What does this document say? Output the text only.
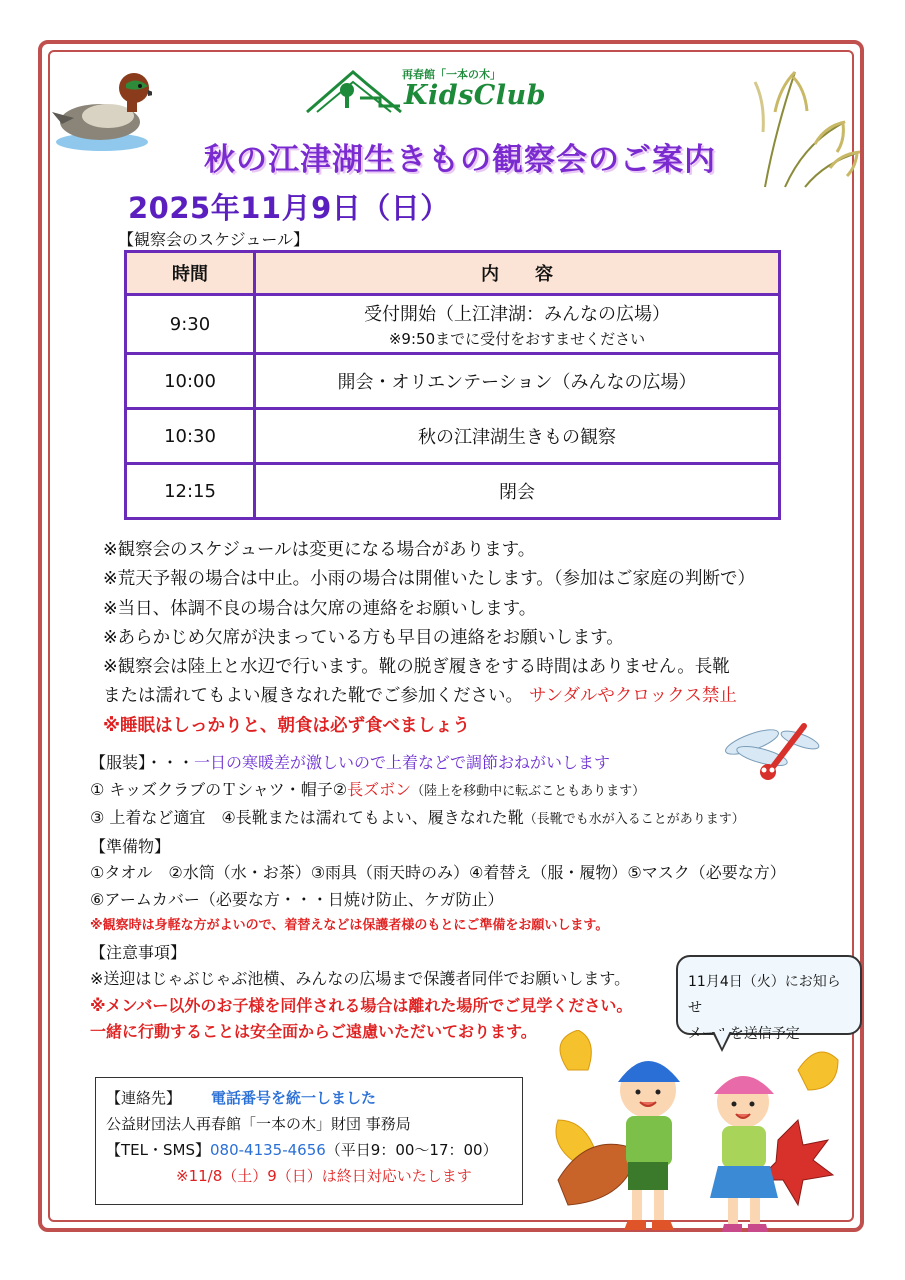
再春館「一本の木」
KidsClub
秋の江津湖生きもの観察会のご案内
2025年11月9日（日）
【観察会のスケジュール】
時間	内　　容
9:30	受付開始（上江津湖：みんなの広場）
※9:50までに受付をおすませください

10:00	開会・オリエンテーション（みんなの広場）
10:30	秋の江津湖生きもの観察
12:15	閉会
※観察会のスケジュールは変更になる場合があります。
※荒天予報の場合は中止。小雨の場合は開催いたします。（参加はご家庭の判断で）
※当日、体調不良の場合は欠席の連絡をお願いします。
※あらかじめ欠席が決まっている方も早目の連絡をお願いします。
※観察会は陸上と水辺で行います。靴の脱ぎ履きをする時間はありません。長靴
または濡れてもよい履きなれた靴でご参加ください。 サンダルやクロックス禁止
※睡眠はしっかりと、朝食は必ず食べましょう
【服装】・・・一日の寒暖差が激しいので上着などで調節おねがいします
① キッズクラブのＴシャツ・帽子②長ズボン（陸上を移動中に転ぶこともあります）
③ 上着など適宜　④長靴または濡れてもよい、履きなれた靴（長靴でも水が入ることがあります）
【準備物】
①タオル　②水筒（水・お茶）③雨具（雨天時のみ）④着替え（服・履物）⑤マスク（必要な方）
⑥アームカバー（必要な方・・・日焼け防止、ケガ防止）
※観察時は身軽な方がよいので、着替えなどは保護者様のもとにご準備をお願いします。
【注意事項】
※送迎はじゃぶじゃぶ池横、みんなの広場まで保護者同伴でお願いします。
※メンバー以外のお子様を同伴される場合は離れた場所でご見学ください。
一緒に行動することは安全面からご遠慮いただいております。
11月4日（火）にお知らせ
メールを送信予定
【連絡先】 電話番号を統一しました
公益財団法人再春館「一本の木」財団 事務局
【TEL・SMS】080-4135-4656（平日9：00～17：00）
※11/8（土）9（日）は終日対応いたします
